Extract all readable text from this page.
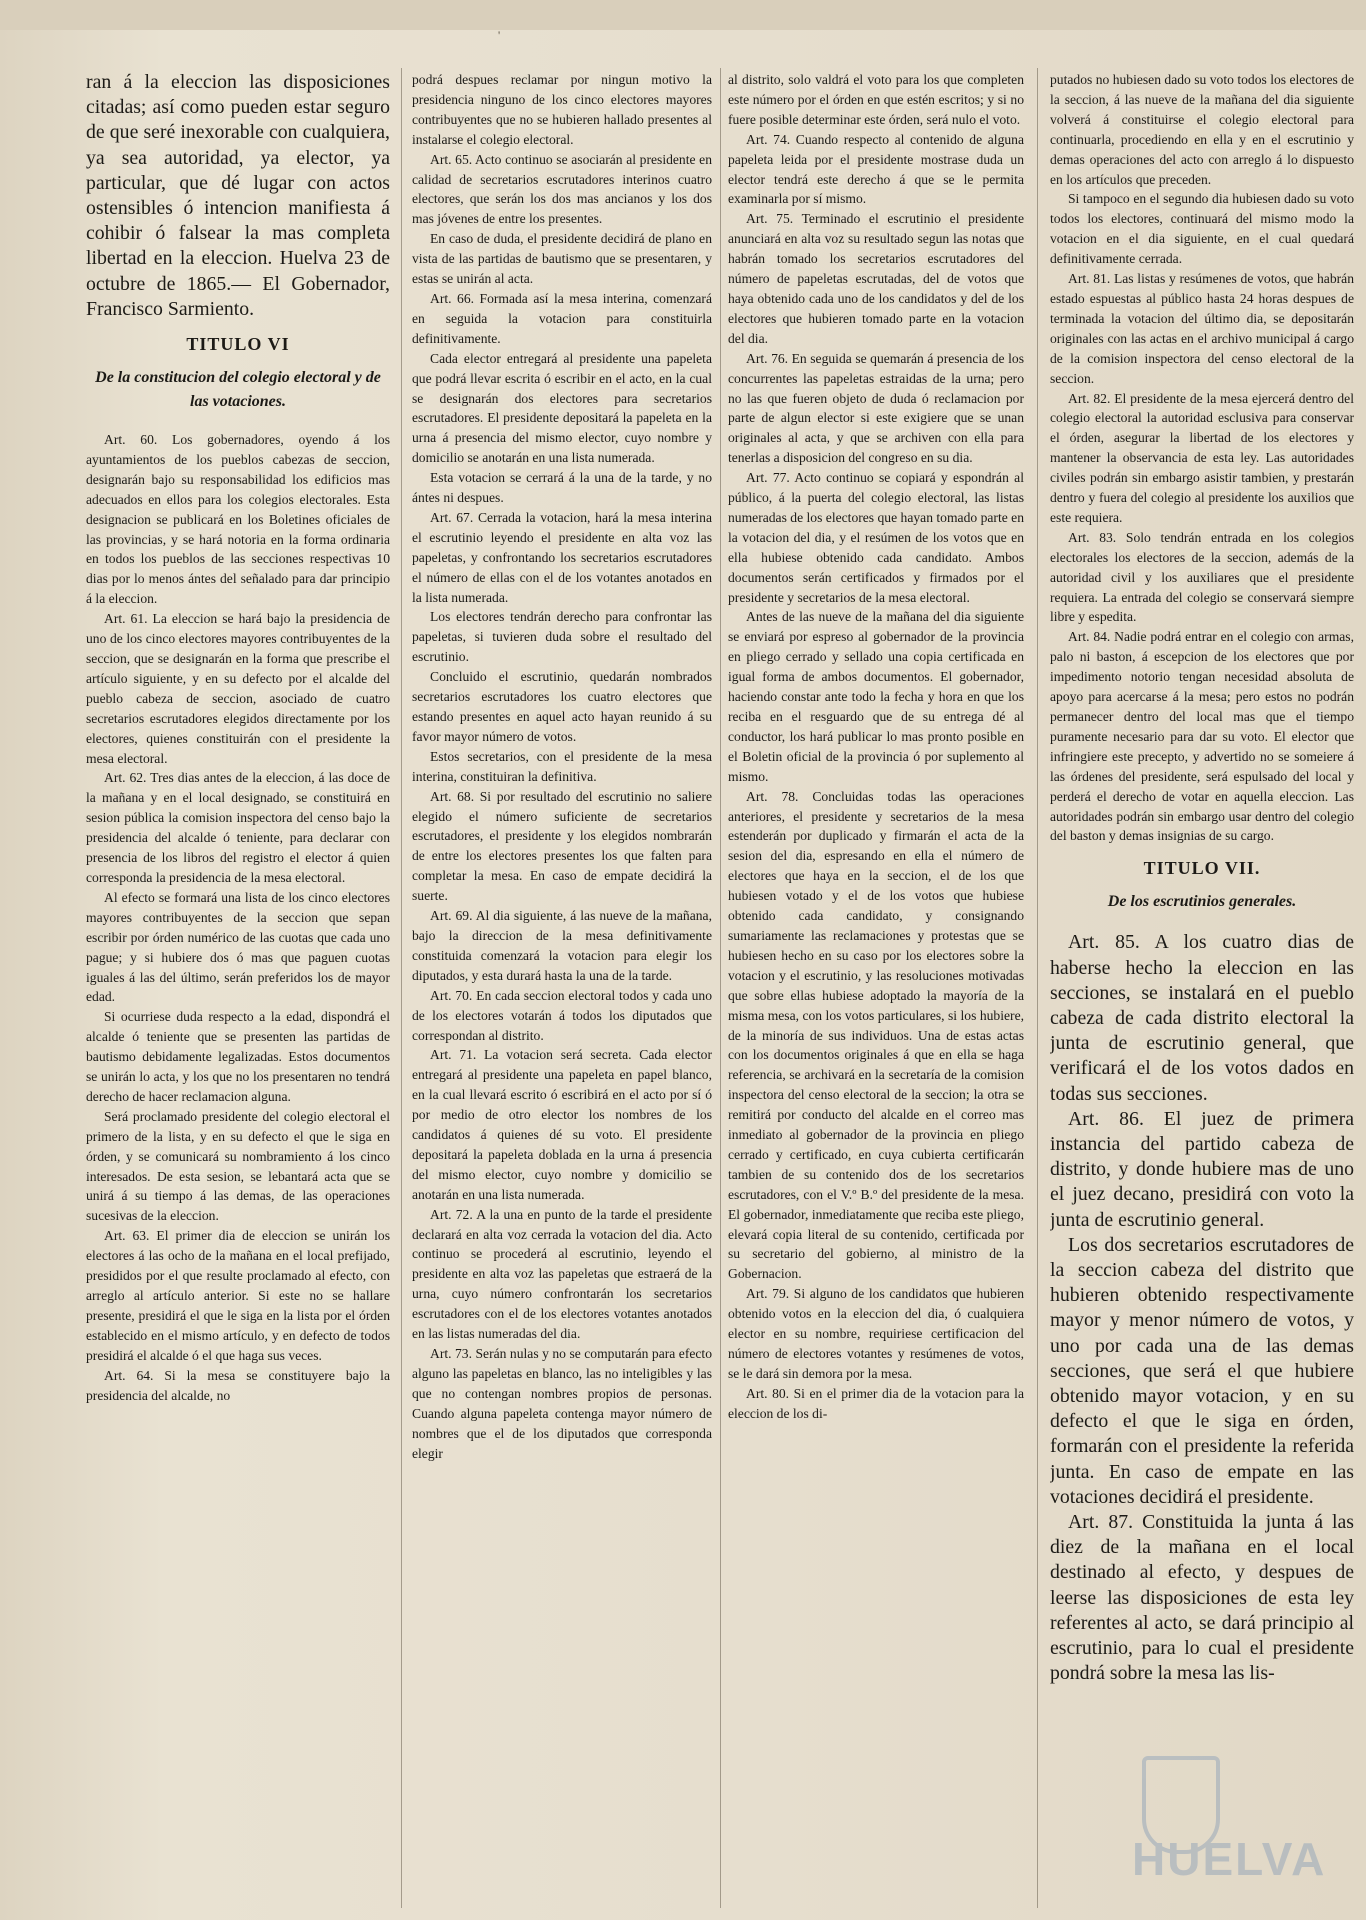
'

ran á la eleccion las disposiciones citadas; así como pueden estar seguro de que seré inexorable con cualquiera, ya sea autoridad, ya elector, ya particular, que dé lugar con actos ostensibles ó intencion manifiesta á cohibir ó falsear la mas completa libertad en la eleccion. Huelva 23 de octubre de 1865.— El Gobernador, Francisco Sarmiento.

TITULO VI
De la constitucion del colegio electoral y de las votaciones.

Art. 60. Los gobernadores, oyendo á los ayuntamientos de los pueblos cabezas de seccion, designarán bajo su responsabilidad los edificios mas adecuados en ellos para los colegios electorales. Esta designacion se publicará en los Boletines oficiales de las provincias, y se hará notoria en la forma ordinaria en todos los pueblos de las secciones respectivas 10 dias por lo menos ántes del señalado para dar principio á la eleccion.

Art. 61. La eleccion se hará bajo la presidencia de uno de los cinco electores mayores contribuyentes de la seccion, que se designarán en la forma que prescribe el artículo siguiente, y en su defecto por el alcalde del pueblo cabeza de seccion, asociado de cuatro secretarios escrutadores elegidos directamente por los electores, quienes constituirán con el presidente la mesa electoral.

Art. 62. Tres dias antes de la eleccion, á las doce de la mañana y en el local designado, se constituirá en sesion pública la comision inspectora del censo bajo la presidencia del alcalde ó teniente, para declarar con presencia de los libros del registro el elector á quien corresponda la presidencia de la mesa electoral.

Al efecto se formará una lista de los cinco electores mayores contribuyentes de la seccion que sepan escribir por órden numérico de las cuotas que cada uno pague; y si hubiere dos ó mas que paguen cuotas iguales á las del último, serán preferidos los de mayor edad.

Si ocurriese duda respecto a la edad, dispondrá el alcalde ó teniente que se presenten las partidas de bautismo debidamente legalizadas. Estos documentos se unirán lo acta, y los que no los presentaren no tendrá derecho de hacer reclamacion alguna.

Será proclamado presidente del colegio electoral el primero de la lista, y en su defecto el que le siga en órden, y se comunicará su nombramiento á los cinco interesados. De esta sesion, se lebantará acta que se unirá á su tiempo á las demas, de las operaciones sucesivas de la eleccion.

Art. 63. El primer dia de eleccion se unirán los electores á las ocho de la mañana en el local prefijado, presididos por el que resulte proclamado al efecto, con arreglo al artículo anterior. Si este no se hallare presente, presidirá el que le siga en la lista por el órden establecido en el mismo artículo, y en defecto de todos presidirá el alcalde ó el que haga sus veces.

Art. 64. Si la mesa se constituyere bajo la presidencia del alcalde, no

podrá despues reclamar por ningun motivo la presidencia ninguno de los cinco electores mayores contribuyentes que no se hubieren hallado presentes al instalarse el colegio electoral.

Art. 65. Acto continuo se asociarán al presidente en calidad de secretarios escrutadores interinos cuatro electores, que serán los dos mas ancianos y los dos mas jóvenes de entre los presentes.

En caso de duda, el presidente decidirá de plano en vista de las partidas de bautismo que se presentaren, y estas se unirán al acta.

Art. 66. Formada así la mesa interina, comenzará en seguida la votacion para constituirla definitivamente.

Cada elector entregará al presidente una papeleta que podrá llevar escrita ó escribir en el acto, en la cual se designarán dos electores para secretarios escrutadores. El presidente depositará la papeleta en la urna á presencia del mismo elector, cuyo nombre y domicilio se anotarán en una lista numerada.

Esta votacion se cerrará á la una de la tarde, y no ántes ni despues.

Art. 67. Cerrada la votacion, hará la mesa interina el escrutinio leyendo el presidente en alta voz las papeletas, y confrontando los secretarios escrutadores el número de ellas con el de los votantes anotados en la lista numerada.

Los electores tendrán derecho para confrontar las papeletas, si tuvieren duda sobre el resultado del escrutinio.

Concluido el escrutinio, quedarán nombrados secretarios escrutadores los cuatro electores que estando presentes en aquel acto hayan reunido á su favor mayor número de votos.

Estos secretarios, con el presidente de la mesa interina, constituiran la definitiva.

Art. 68. Si por resultado del escrutinio no saliere elegido el número suficiente de secretarios escrutadores, el presidente y los elegidos nombrarán de entre los electores presentes los que falten para completar la mesa. En caso de empate decidirá la suerte.

Art. 69. Al dia siguiente, á las nueve de la mañana, bajo la direccion de la mesa definitivamente constituida comenzará la votacion para elegir los diputados, y esta durará hasta la una de la tarde.

Art. 70. En cada seccion electoral todos y cada uno de los electores votarán á todos los diputados que correspondan al distrito.

Art. 71. La votacion será secreta. Cada elector entregará al presidente una papeleta en papel blanco, en la cual llevará escrito ó escribirá en el acto por sí ó por medio de otro elector los nombres de los candidatos á quienes dé su voto. El presidente depositará la papeleta doblada en la urna á presencia del mismo elector, cuyo nombre y domicilio se anotarán en una lista numerada.

Art. 72. A la una en punto de la tarde el presidente declarará en alta voz cerrada la votacion del dia. Acto continuo se procederá al escrutinio, leyendo el presidente en alta voz las papeletas que estraerá de la urna, cuyo número confrontarán los secretarios escrutadores con el de los electores votantes anotados en las listas numeradas del dia.

Art. 73. Serán nulas y no se computarán para efecto alguno las papeletas en blanco, las no inteligibles y las que no contengan nombres propios de personas. Cuando alguna papeleta contenga mayor número de nombres que el de los diputados que corresponda elegir

al distrito, solo valdrá el voto para los que completen este número por el órden en que estén escritos; y si no fuere posible determinar este órden, será nulo el voto.

Art. 74. Cuando respecto al contenido de alguna papeleta leida por el presidente mostrase duda un elector tendrá este derecho á que se le permita examinarla por sí mismo.

Art. 75. Terminado el escrutinio el presidente anunciará en alta voz su resultado segun las notas que habrán tomado los secretarios escrutadores del número de papeletas escrutadas, del de votos que haya obtenido cada uno de los candidatos y del de los electores que hubieren tomado parte en la votacion del dia.

Art. 76. En seguida se quemarán á presencia de los concurrentes las papeletas estraidas de la urna; pero no las que fueren objeto de duda ó reclamacion por parte de algun elector si este exigiere que se unan originales al acta, y que se archiven con ella para tenerlas a disposicion del congreso en su dia.

Art. 77. Acto continuo se copiará y espondrán al público, á la puerta del colegio electoral, las listas numeradas de los electores que hayan tomado parte en la votacion del dia, y el resúmen de los votos que en ella hubiese obtenido cada candidato. Ambos documentos serán certificados y firmados por el presidente y secretarios de la mesa electoral.

Antes de las nueve de la mañana del dia siguiente se enviará por espreso al gobernador de la provincia en pliego cerrado y sellado una copia certificada en igual forma de ambos documentos. El gobernador, haciendo constar ante todo la fecha y hora en que los reciba en el resguardo que de su entrega dé al conductor, los hará publicar lo mas pronto posible en el Boletin oficial de la provincia ó por suplemento al mismo.

Art. 78. Concluidas todas las operaciones anteriores, el presidente y secretarios de la mesa estenderán por duplicado y firmarán el acta de la sesion del dia, espresando en ella el número de electores que haya en la seccion, el de los que hubiesen votado y el de los votos que hubiese obtenido cada candidato, y consignando sumariamente las reclamaciones y protestas que se hubiesen hecho en su caso por los electores sobre la votacion y el escrutinio, y las resoluciones motivadas que sobre ellas hubiese adoptado la mayoría de la misma mesa, con los votos particulares, si los hubiere, de la minoría de sus individuos. Una de estas actas con los documentos originales á que en ella se haga referencia, se archivará en la secretaría de la comision inspectora del censo electoral de la seccion; la otra se remitirá por conducto del alcalde en el correo mas inmediato al gobernador de la provincia en pliego cerrado y certificado, en cuya cubierta certificarán tambien de su contenido dos de los secretarios escrutadores, con el V.º B.º del presidente de la mesa. El gobernador, inmediatamente que reciba este pliego, elevará copia literal de su contenido, certificada por su secretario del gobierno, al ministro de la Gobernacion.

Art. 79. Si alguno de los candidatos que hubieren obtenido votos en la eleccion del dia, ó cualquiera elector en su nombre, requiriese certificacion del número de electores votantes y resúmenes de votos, se le dará sin demora por la mesa.

Art. 80. Si en el primer dia de la votacion para la eleccion de los di-

putados no hubiesen dado su voto todos los electores de la seccion, á las nueve de la mañana del dia siguiente volverá á constituirse el colegio electoral para continuarla, procediendo en ella y en el escrutinio y demas operaciones del acto con arreglo á lo dispuesto en los artículos que preceden.

Si tampoco en el segundo dia hubiesen dado su voto todos los electores, continuará del mismo modo la votacion en el dia siguiente, en el cual quedará definitivamente cerrada.

Art. 81. Las listas y resúmenes de votos, que habrán estado espuestas al público hasta 24 horas despues de terminada la votacion del último dia, se depositarán originales con las actas en el archivo municipal á cargo de la comision inspectora del censo electoral de la seccion.

Art. 82. El presidente de la mesa ejercerá dentro del colegio electoral la autoridad esclusiva para conservar el órden, asegurar la libertad de los electores y mantener la observancia de esta ley. Las autoridades civiles podrán sin embargo asistir tambien, y prestarán dentro y fuera del colegio al presidente los auxilios que este requiera.

Art. 83. Solo tendrán entrada en los colegios electorales los electores de la seccion, además de la autoridad civil y los auxiliares que el presidente requiera. La entrada del colegio se conservará siempre libre y espedita.

Art. 84. Nadie podrá entrar en el colegio con armas, palo ni baston, á escepcion de los electores que por impedimento notorio tengan necesidad absoluta de apoyo para acercarse á la mesa; pero estos no podrán permanecer dentro del local mas que el tiempo puramente necesario para dar su voto. El elector que infringiere este precepto, y advertido no se someiere á las órdenes del presidente, será espulsado del local y perderá el derecho de votar en aquella eleccion. Las autoridades podrán sin embargo usar dentro del colegio del baston y demas insignias de su cargo.

TITULO VII.
De los escrutinios generales.

Art. 85. A los cuatro dias de haberse hecho la eleccion en las secciones, se instalará en el pueblo cabeza de cada distrito electoral la junta de escrutinio general, que verificará el de los votos dados en todas sus secciones.

Art. 86. El juez de primera instancia del partido cabeza de distrito, y donde hubiere mas de uno el juez decano, presidirá con voto la junta de escrutinio general.

Los dos secretarios escrutadores de la seccion cabeza del distrito que hubieren obtenido respectivamente mayor y menor número de votos, y uno por cada una de las demas secciones, que será el que hubiere obtenido mayor votacion, y en su defecto el que le siga en órden, formarán con el presidente la referida junta. En caso de empate en las votaciones decidirá el presidente.

Art. 87. Constituida la junta á las diez de la mañana en el local destinado al efecto, y despues de leerse las disposiciones de esta ley referentes al acto, se dará principio al escrutinio, para lo cual el presidente pondrá sobre la mesa las lis-

HUELVA
